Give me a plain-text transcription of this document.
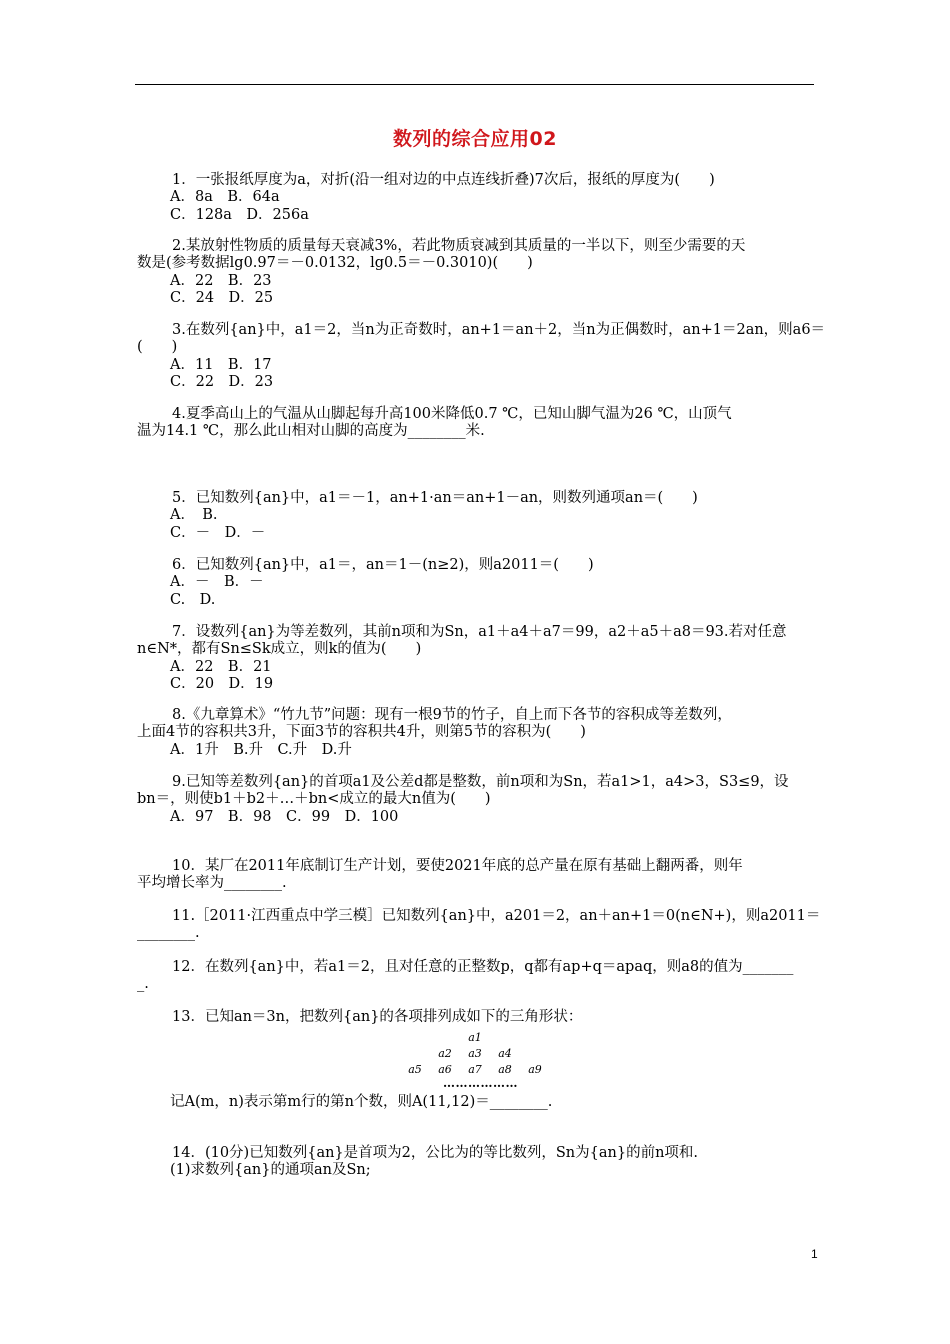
数列的综合应用02
1．一张报纸厚度为a，对折(沿一组对边的中点连线折叠)7次后，报纸的厚度为(　　)
A．8a　B．64a
C．128a　D．256a
2.某放射性物质的质量每天衰减3%，若此物质衰减到其质量的一半以下，则至少需要的天
数是(参考数据lg0.97＝－0.0132，lg0.5＝－0.3010)(　　)
A．22　B．23
C．24　D．25
3.在数列{an}中，a1＝2，当n为正奇数时，an+1＝an＋2，当n为正偶数时，an+1＝2an，则a6＝
(　　)
A．11　B．17
C．22　D．23
4.夏季高山上的气温从山脚起每升高100米降低0.7 ℃，已知山脚气温为26 ℃，山顶气
温为14.1 ℃，那么此山相对山脚的高度为________米.
5．已知数列{an}中，a1＝－1，an+1·an＝an+1－an，则数列通项an＝(　　)
A．　B.
C．－　D．－
6．已知数列{an}中，a1＝，an＝1－(n≥2)，则a2011＝(　　)
A．－　B．－
C.　D.
7．设数列{an}为等差数列，其前n项和为Sn，a1＋a4＋a7＝99，a2＋a5＋a8＝93.若对任意
n∈N*，都有Sn≤Sk成立，则k的值为(　　)
A．22　B．21
C．20　D．19
8.《九章算术》“竹九节”问题：现有一根9节的竹子，自上而下各节的容积成等差数列，
上面4节的容积共3升，下面3节的容积共4升，则第5节的容积为(　　)
A．1升　B.升　C.升　D.升
9.已知等差数列{an}的首项a1及公差d都是整数，前n项和为Sn，若a1>1，a4>3，S3≤9，设
bn＝，则使b1＋b2＋…＋bn<成立的最大n值为(　　)
A．97　B．98　C．99　D．100
10．某厂在2011年底制订生产计划，要使2021年底的总产量在原有基础上翻两番，则年
平均增长率为________.
11.［2011·江西重点中学三模］已知数列{an}中，a201＝2，an＋an+1＝0(n∈N+)，则a2011＝
________.
12．在数列{an}中，若a1＝2，且对任意的正整数p，q都有ap+q＝apaq，则a8的值为_______
_.
13．已知an＝3n，把数列{an}的各项排列成如下的三角形状：
a1
a2 a3 a4
a5 a6 a7 a8 a9
………………
记A(m，n)表示第m行的第n个数，则A(11,12)＝________.
14．(10分)已知数列{an}是首项为2，公比为的等比数列，Sn为{an}的前n项和.
(1)求数列{an}的通项an及Sn;
1
